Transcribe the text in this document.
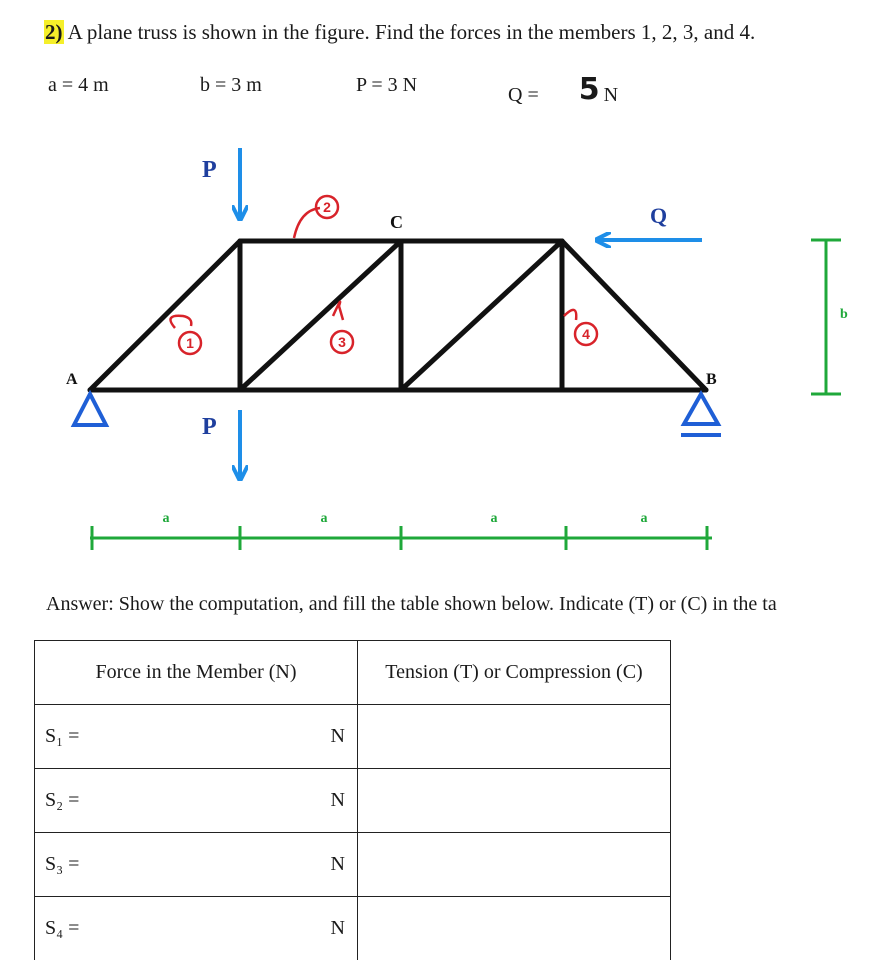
2) A plane truss is shown in the figure. Find the forces in the members 1, 2, 3, and 4.
a = 4 m	b = 3 m	P = 3 N	Q = 5 N
A	B
C
P
P
Q
1
2
3	4
a	a	a	a
b
Answer: Show the computation, and fill the table shown below. Indicate (T) or (C) in the ta
Force in the Member (N)	Tension (T) or Compression (C)

S₁ = N	

S₂ = N	

S₃ = N	

S₄ = N	
